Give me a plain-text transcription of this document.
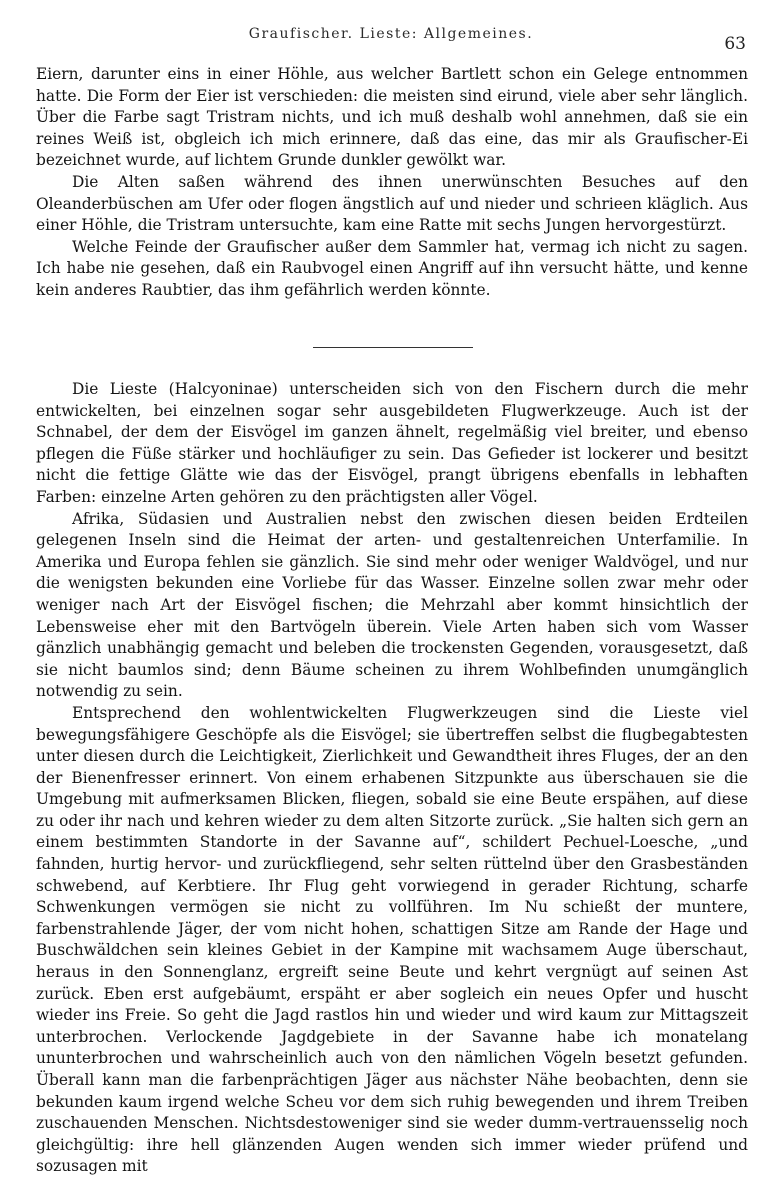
Graufischer. Lieste: Allgemeines.	63

Eiern, darunter eins in einer Höhle, aus welcher Bartlett schon ein Gelege entnommen hatte. Die Form der Eier ist verschieden: die meisten sind eirund, viele aber sehr länglich. Über die Farbe sagt Tristram nichts, und ich muß deshalb wohl annehmen, daß sie ein reines Weiß ist, obgleich ich mich erinnere, daß das eine, das mir als Graufischer-Ei bezeichnet wurde, auf lichtem Grunde dunkler gewölkt war.

Die Alten saßen während des ihnen unerwünschten Besuches auf den Oleanderbüschen am Ufer oder flogen ängstlich auf und nieder und schrieen kläglich. Aus einer Höhle, die Tristram untersuchte, kam eine Ratte mit sechs Jungen hervorgestürzt.

Welche Feinde der Graufischer außer dem Sammler hat, vermag ich nicht zu sagen. Ich habe nie gesehen, daß ein Raubvogel einen Angriff auf ihn versucht hätte, und kenne kein anderes Raubtier, das ihm gefährlich werden könnte.

Die Lieste (Halcyoninae) unterscheiden sich von den Fischern durch die mehr entwickelten, bei einzelnen sogar sehr ausgebildeten Flugwerkzeuge. Auch ist der Schnabel, der dem der Eisvögel im ganzen ähnelt, regelmäßig viel breiter, und ebenso pflegen die Füße stärker und hochläufiger zu sein. Das Gefieder ist lockerer und besitzt nicht die fettige Glätte wie das der Eisvögel, prangt übrigens ebenfalls in lebhaften Farben: einzelne Arten gehören zu den prächtigsten aller Vögel.

Afrika, Südasien und Australien nebst den zwischen diesen beiden Erdteilen gelegenen Inseln sind die Heimat der arten- und gestaltenreichen Unterfamilie. In Amerika und Europa fehlen sie gänzlich. Sie sind mehr oder weniger Waldvögel, und nur die wenigsten bekunden eine Vorliebe für das Wasser. Einzelne sollen zwar mehr oder weniger nach Art der Eisvögel fischen; die Mehrzahl aber kommt hinsichtlich der Lebensweise eher mit den Bartvögeln überein. Viele Arten haben sich vom Wasser gänzlich unabhängig gemacht und beleben die trockensten Gegenden, vorausgesetzt, daß sie nicht baumlos sind; denn Bäume scheinen zu ihrem Wohlbefinden unumgänglich notwendig zu sein.

Entsprechend den wohlentwickelten Flugwerkzeugen sind die Lieste viel bewegungsfähigere Geschöpfe als die Eisvögel; sie übertreffen selbst die flugbegabtesten unter diesen durch die Leichtigkeit, Zierlichkeit und Gewandtheit ihres Fluges, der an den der Bienenfresser erinnert. Von einem erhabenen Sitzpunkte aus überschauen sie die Umgebung mit aufmerksamen Blicken, fliegen, sobald sie eine Beute erspähen, auf diese zu oder ihr nach und kehren wieder zu dem alten Sitzorte zurück. „Sie halten sich gern an einem bestimmten Standorte in der Savanne auf“, schildert Pechuel-Loesche, „und fahnden, hurtig hervor- und zurückfliegend, sehr selten rüttelnd über den Grasbeständen schwebend, auf Kerbtiere. Ihr Flug geht vorwiegend in gerader Richtung, scharfe Schwenkungen vermögen sie nicht zu vollführen. Im Nu schießt der muntere, farbenstrahlende Jäger, der vom nicht hohen, schattigen Sitze am Rande der Hage und Buschwäldchen sein kleines Gebiet in der Kampine mit wachsamem Auge überschaut, heraus in den Sonnenglanz, ergreift seine Beute und kehrt vergnügt auf seinen Ast zurück. Eben erst aufgebäumt, erspäht er aber sogleich ein neues Opfer und huscht wieder ins Freie. So geht die Jagd rastlos hin und wieder und wird kaum zur Mittagszeit unterbrochen. Verlockende Jagdgebiete in der Savanne habe ich monatelang ununterbrochen und wahrscheinlich auch von den nämlichen Vögeln besetzt gefunden. Überall kann man die farbenprächtigen Jäger aus nächster Nähe beobachten, denn sie bekunden kaum irgend welche Scheu vor dem sich ruhig bewegenden und ihrem Treiben zuschauenden Menschen. Nichtsdestoweniger sind sie weder dumm-vertrauensselig noch gleichgültig: ihre hell glänzenden Augen wenden sich immer wieder prüfend und sozusagen mit
